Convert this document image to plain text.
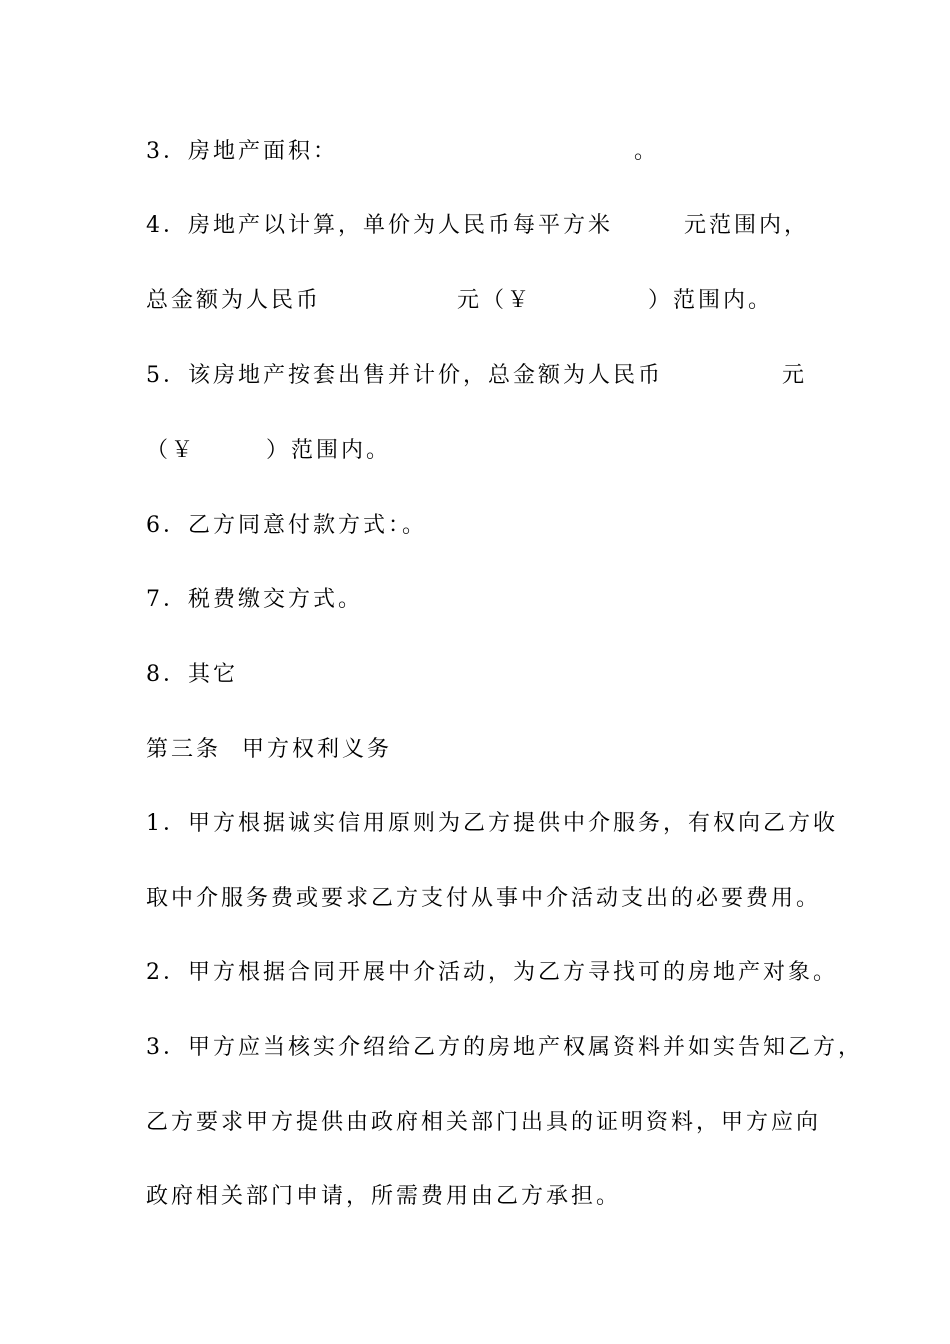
3．房地产面积：

	。

4．房地产以计算，单价为人民币每平方米

	元范围内，

总金额为人民币

	元（￥

	）范围内。

5．该房地产按套出售并计价，总金额为人民币

	元

（￥

	）范围内。

6．乙方同意付款方式：。

7．税费缴交方式。

8．其它

第三条

甲方权利义务

1．甲方根据诚实信用原则为乙方提供中介服务，有权向乙方收

取中介服务费或要求乙方支付从事中介活动支出的必要费用。

2．甲方根据合同开展中介活动，为乙方寻找可的房地产对象。

3．甲方应当核实介绍给乙方的房地产权属资料并如实告知乙方，

乙方要求甲方提供由政府相关部门出具的证明资料，甲方应向

政府相关部门申请，所需费用由乙方承担。
